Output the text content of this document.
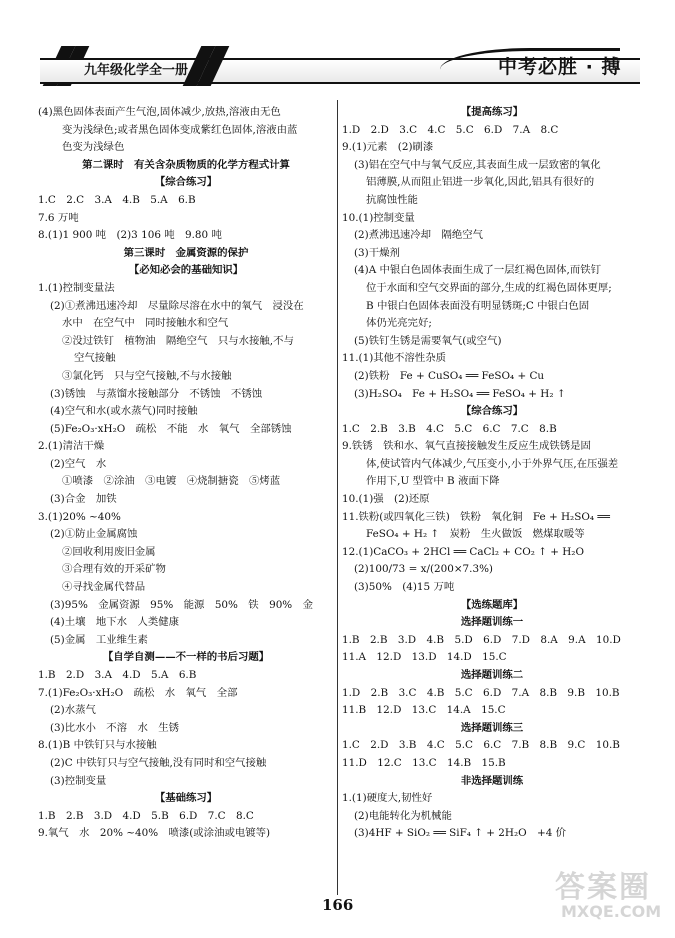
九年级化学全一册	中考必胜 · 搏
(4)黑色固体表面产生气泡,固体减少,放热,溶液由无色
变为浅绿色;或者黑色固体变成紫红色固体,溶液由蓝
色变为浅绿色
第二课时　有关含杂质物质的化学方程式计算
【综合练习】
1.C　2.C　3.A　4.B　5.A　6.B
7.6 万吨
8.(1)1 900 吨　(2)3 106 吨　9.80 吨
第三课时　金属资源的保护
【必知必会的基础知识】
1.(1)控制变量法
(2)①煮沸迅速冷却　尽量除尽溶在水中的氧气　浸没在
水中　在空气中　同时接触水和空气
②没过铁钉　植物油　隔绝空气　只与水接触,不与
空气接触
③氯化钙　只与空气接触,不与水接触
(3)锈蚀　与蒸馏水接触部分　不锈蚀　不锈蚀
(4)空气和水(或水蒸气)同时接触
(5)Fe₂O₃·xH₂O　疏松　不能　水　氧气　全部锈蚀
2.(1)清洁干燥
(2)空气　水
①喷漆　②涂油　③电镀　④烧制搪瓷　⑤烤蓝
(3)合金　加铁
3.(1)20% ~40%
(2)①防止金属腐蚀
②回收利用废旧金属
③合理有效的开采矿物
④寻找金属代替品
(3)95%　金属资源　95%　能源　50%　铁　90%　金
(4)土壤　地下水　人类健康
(5)金属　工业维生素
【自学自测——不一样的书后习题】
1.B　2.D　3.A　4.D　5.A　6.B
7.(1)Fe₂O₃·xH₂O　疏松　水　氧气　全部
(2)水蒸气
(3)比水小　不溶　水　生锈
8.(1)B 中铁钉只与水接触
(2)C 中铁钉只与空气接触,没有同时和空气接触
(3)控制变量
【基础练习】
1.B　2.B　3.D　4.D　5.B　6.D　7.C　8.C
9.氧气　水　20% ~40%　喷漆(或涂油或电镀等)
【提高练习】
1.D　2.D　3.C　4.C　5.C　6.D　7.A　8.C
9.(1)元素　(2)刷漆
(3)铝在空气中与氧气反应,其表面生成一层致密的氧化
铝薄膜,从而阻止铝进一步氧化,因此,铝具有很好的
抗腐蚀性能
10.(1)控制变量
(2)煮沸迅速冷却　隔绝空气
(3)干燥剂
(4)A 中银白色固体表面生成了一层红褐色固体,而铁钉
位于水面和空气交界面的部分,生成的红褐色固体更厚;
B 中银白色固体表面没有明显锈斑;C 中银白色固
体仍光亮完好;
(5)铁钉生锈是需要氧气(或空气)
11.(1)其他不溶性杂质
(2)铁粉　Fe + CuSO₄ ══ FeSO₄ + Cu
(3)H₂SO₄　Fe + H₂SO₄ ══ FeSO₄ + H₂ ↑
【综合练习】
1.C　2.B　3.B　4.C　5.C　6.C　7.C　8.B
9.铁锈　铁和水、氧气直接接触发生反应生成铁锈是固
体,使试管内气体减少,气压变小,小于外界气压,在压强差
作用下,U 型管中 B 液面下降
10.(1)强　(2)还原
11.铁粉(或四氧化三铁)　铁粉　氧化铜　Fe + H₂SO₄ ══
FeSO₄ + H₂ ↑　炭粉　生火做饭　燃煤取暖等
12.(1)CaCO₃ + 2HCl ══ CaCl₂ + CO₂ ↑ + H₂O
(2)100/73 = x/(200×7.3%)
(3)50%　(4)15 万吨
【选练题库】
选择题训练一
1.B　2.B　3.D　4.B　5.D　6.D　7.D　8.A　9.A　10.D
11.A　12.D　13.D　14.D　15.C
选择题训练二
1.D　2.B　3.C　4.B　5.C　6.D　7.A　8.B　9.B　10.B
11.B　12.D　13.C　14.A　15.C
选择题训练三
1.C　2.D　3.B　4.C　5.C　6.C　7.B　8.B　9.C　10.B
11.D　12.C　13.C　14.B　15.B
非选择题训练
1.(1)硬度大,韧性好
(2)电能转化为机械能
(3)4HF + SiO₂ ══ SiF₄ ↑ + 2H₂O　+4 价
166	答案圈
MXQE.COM
